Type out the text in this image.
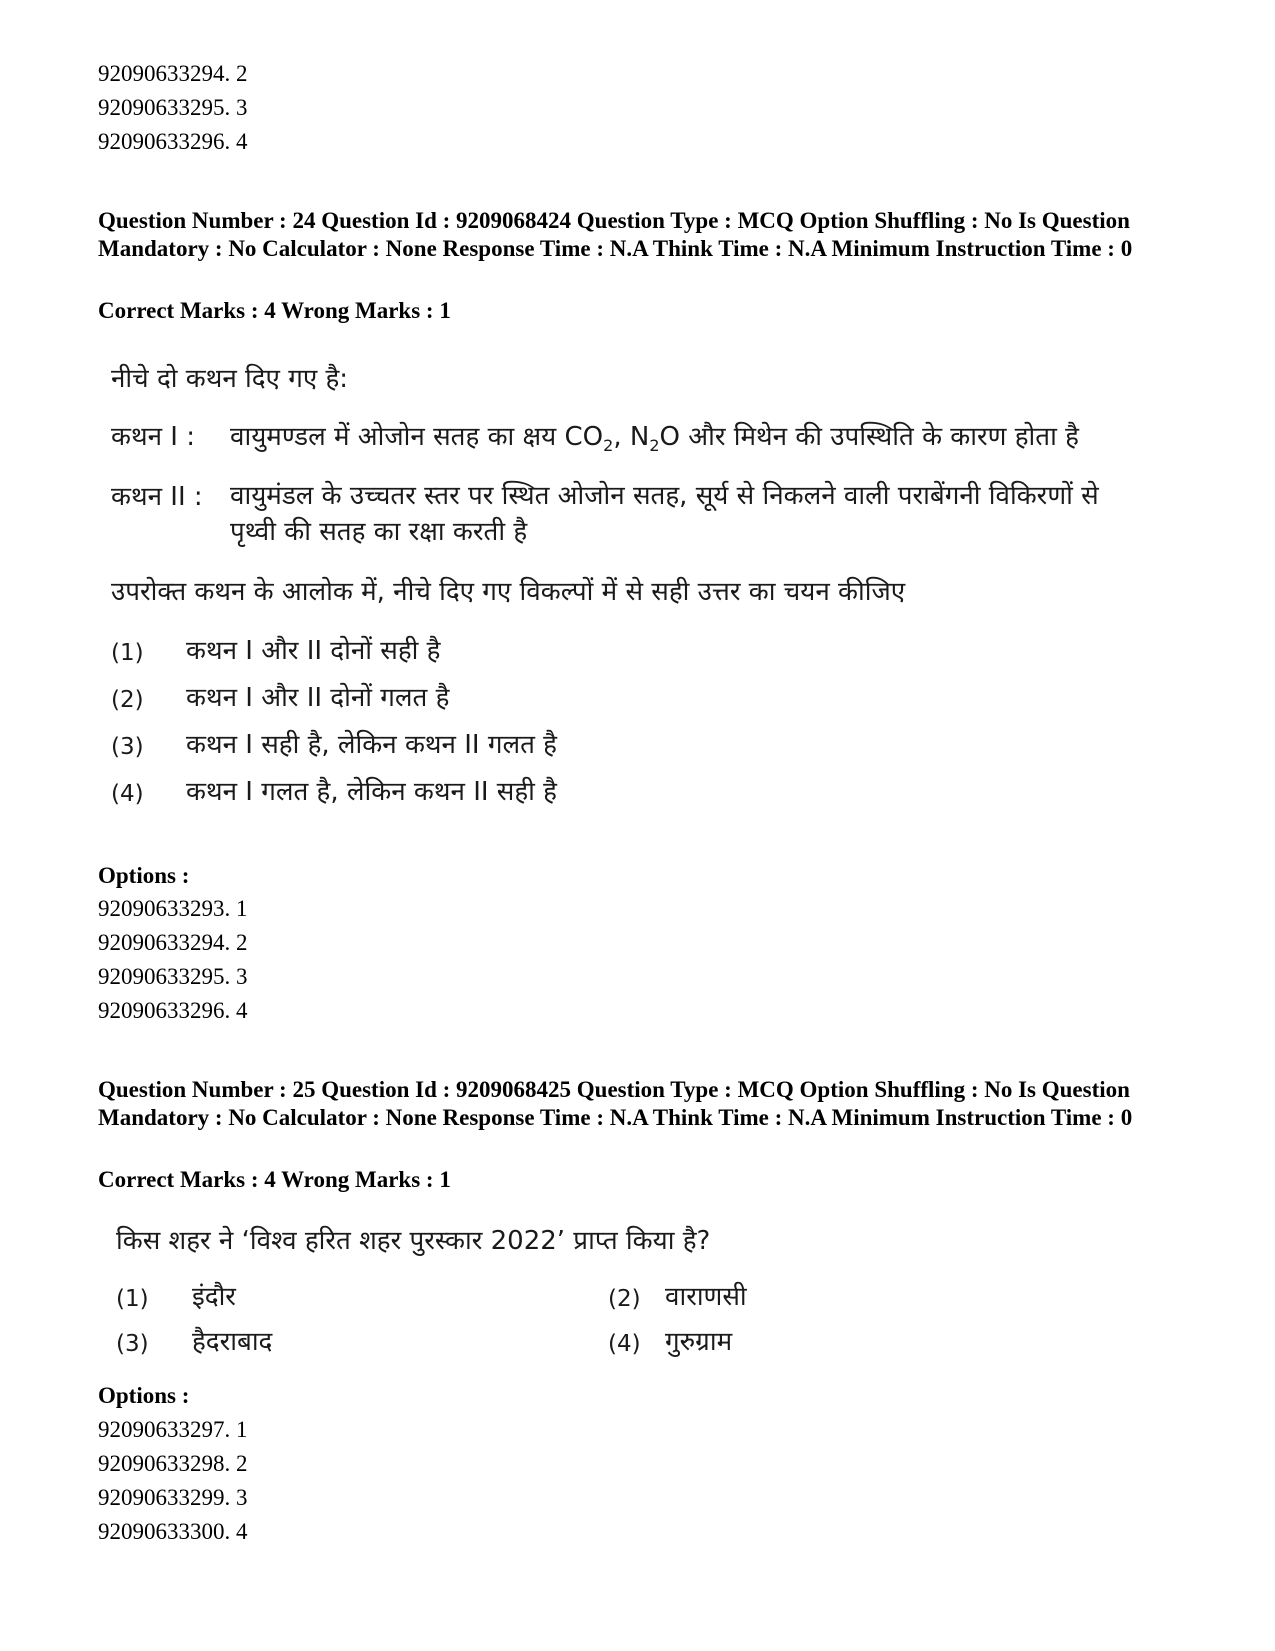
92090633294. 2
92090633295. 3
92090633296. 4
Question Number : 24 Question Id : 9209068424 Question Type : MCQ Option Shuffling : No Is Question Mandatory : No Calculator : None Response Time : N.A Think Time : N.A Minimum Instruction Time : 0
Correct Marks : 4 Wrong Marks : 1
नीचे दो कथन दिए गए है:
कथन I : वायुमण्डल में ओजोन सतह का क्षय $CO_2$, $N_2O$ और मिथेन की उपस्थिति के कारण होता है
कथन II : वायुमंडल के उच्चतर स्तर पर स्थित ओजोन सतह, सूर्य से निकलने वाली पराबेंगनी विकिरणों से पृथ्वी की सतह का रक्षा करती है
उपरोक्त कथन के आलोक में, नीचे दिए गए विकल्पों में से सही उत्तर का चयन कीजिए
(1) कथन I और II दोनों सही है
(2) कथन I और II दोनों गलत है
(3) कथन I सही है, लेकिन कथन II गलत है
(4) कथन I गलत है, लेकिन कथन II सही है
Options :
92090633293. 1
92090633294. 2
92090633295. 3
92090633296. 4
Question Number : 25 Question Id : 9209068425 Question Type : MCQ Option Shuffling : No Is Question Mandatory : No Calculator : None Response Time : N.A Think Time : N.A Minimum Instruction Time : 0
Correct Marks : 4 Wrong Marks : 1
किस शहर ने ‘विश्व हरित शहर पुरस्कार 2022’ प्राप्त किया है?
(1) इंदौर	(2) वाराणसी
(3) हैदराबाद	(4) गुरुग्राम
Options :
92090633297. 1
92090633298. 2
92090633299. 3
92090633300. 4
